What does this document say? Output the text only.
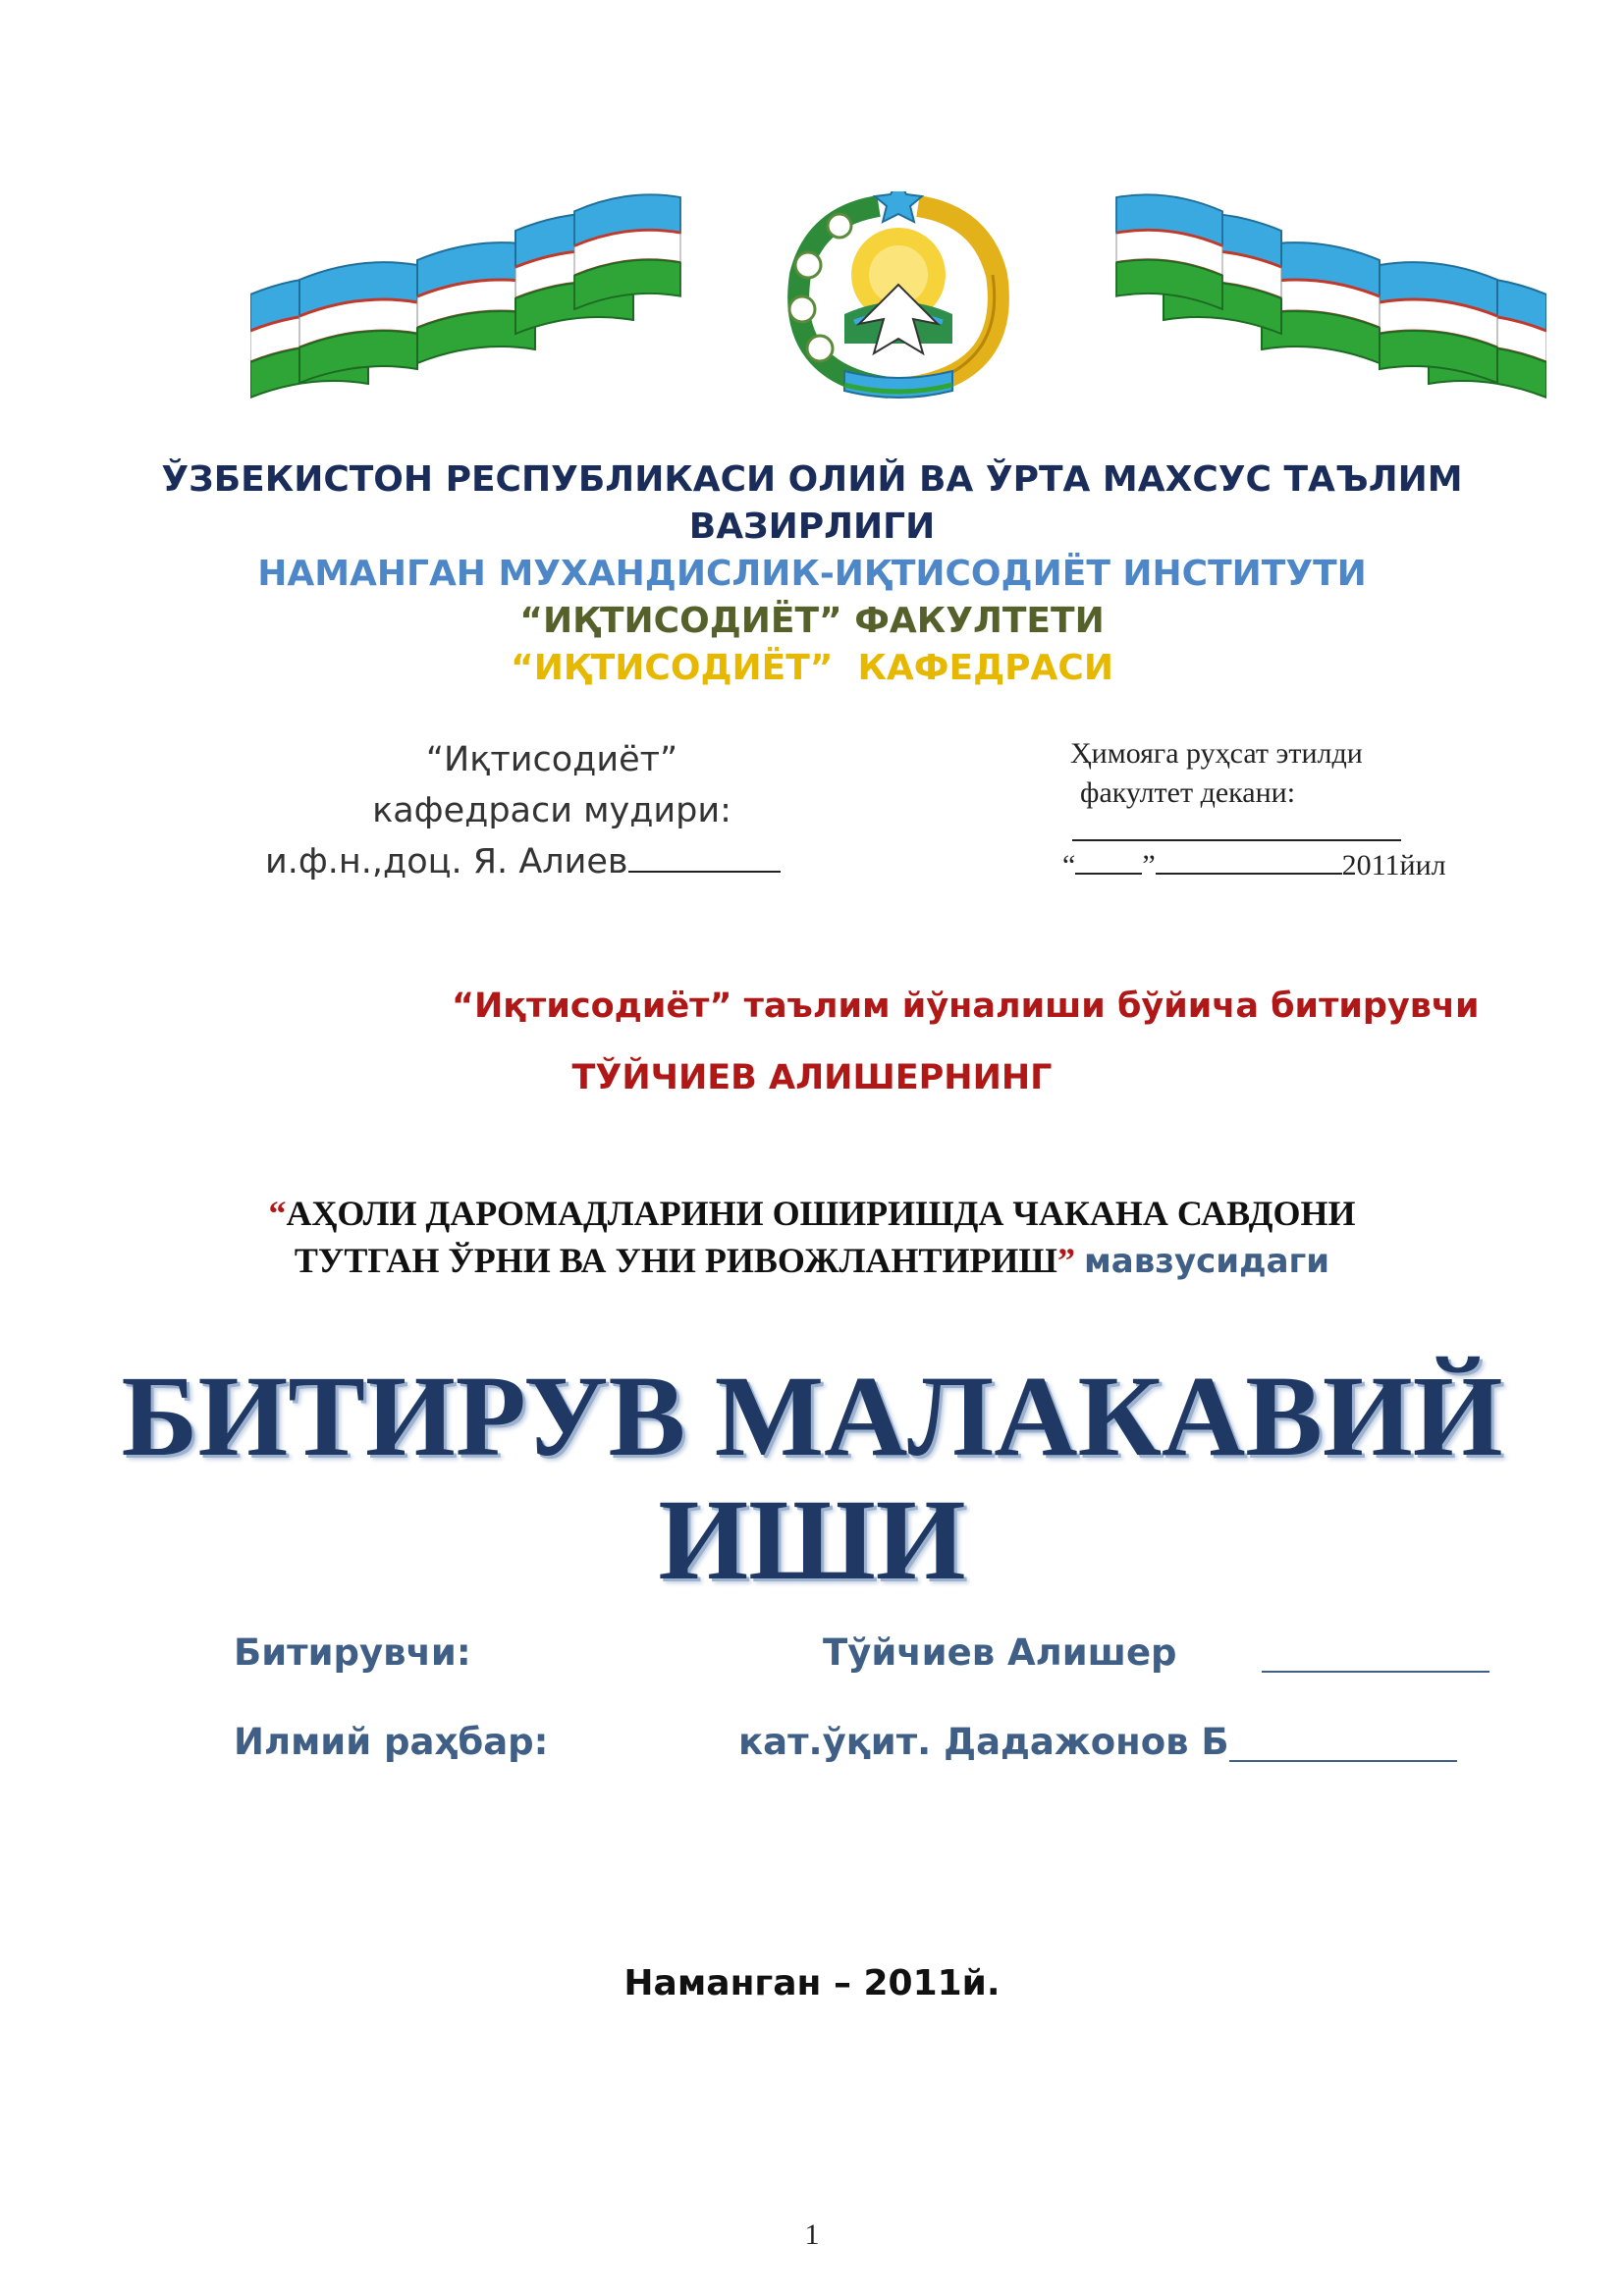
ЎЗБЕКИСТОН РЕСПУБЛИКАСИ ОЛИЙ ВА ЎРТА МАХСУС ТАЪЛИМ
ВАЗИРЛИГИ
НАМАНГАН МУХАНДИСЛИК-ИҚТИСОДИЁТ ИНСТИТУТИ
“ИҚТИСОДИЁТ” ФАКУЛТЕТИ
“ИҚТИСОДИЁТ”  КАФЕДРАСИ
“Иқтисодиёт”
кафедраси мудири:
и.ф.н.,доц. Я. Алиев
Ҳимояга руҳсат этилди
факултет декани:
“ ”	2011йил
“Иқтисодиёт” таълим йўналиши бўйича битирувчи
ТЎЙЧИЕВ АЛИШЕРНИНГ
“АҲОЛИ ДАРОМАДЛАРИНИ ОШИРИШДА ЧАКАНА САВДОНИ
ТУТГАН ЎРНИ ВА УНИ РИВОЖЛАНТИРИШ” мавзусидаги
БИТИРУВ МАЛАКАВИЙ
ИШИ
Битирувчи:	Тўйчиев Алишер
Илмий раҳбар:	кат.ўқит. Дадажонов Б
Наманган – 2011й.
1
